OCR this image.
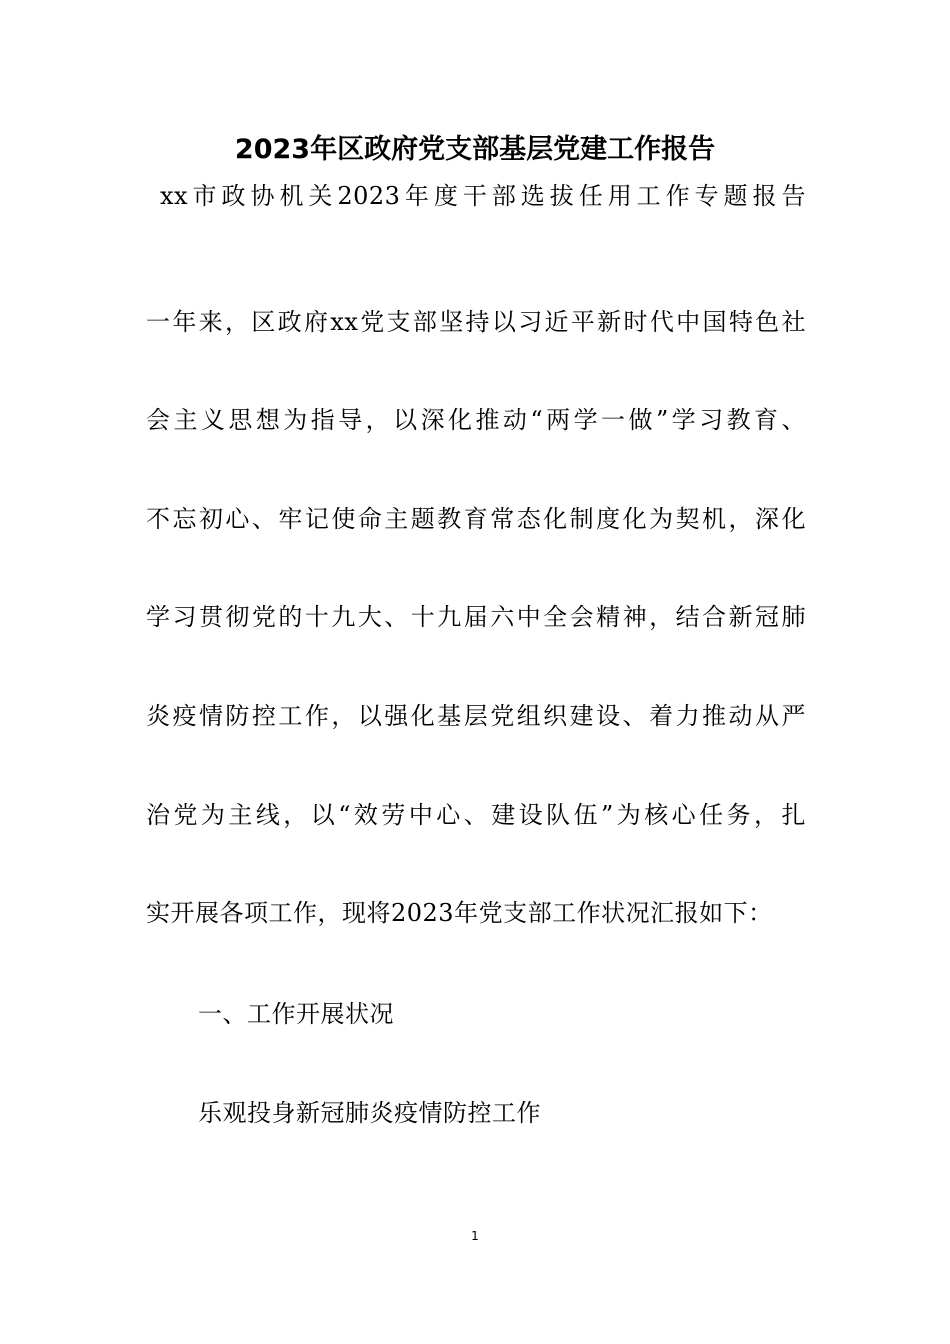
2023年区政府党支部基层党建工作报告
xx市政协机关2023年度干部选拔任用工作专题报告
一年来，区政府xx党支部坚持以习近平新时代中国特色社
会主义思想为指导，以深化推动“两学一做”学习教育、
不忘初心、牢记使命主题教育常态化制度化为契机，深化
学习贯彻党的十九大、十九届六中全会精神，结合新冠肺
炎疫情防控工作，以强化基层党组织建设、着力推动从严
治党为主线，以“效劳中心、建设队伍”为核心任务，扎
实开展各项工作，现将2023年党支部工作状况汇报如下：
一、工作开展状况
乐观投身新冠肺炎疫情防控工作
1
